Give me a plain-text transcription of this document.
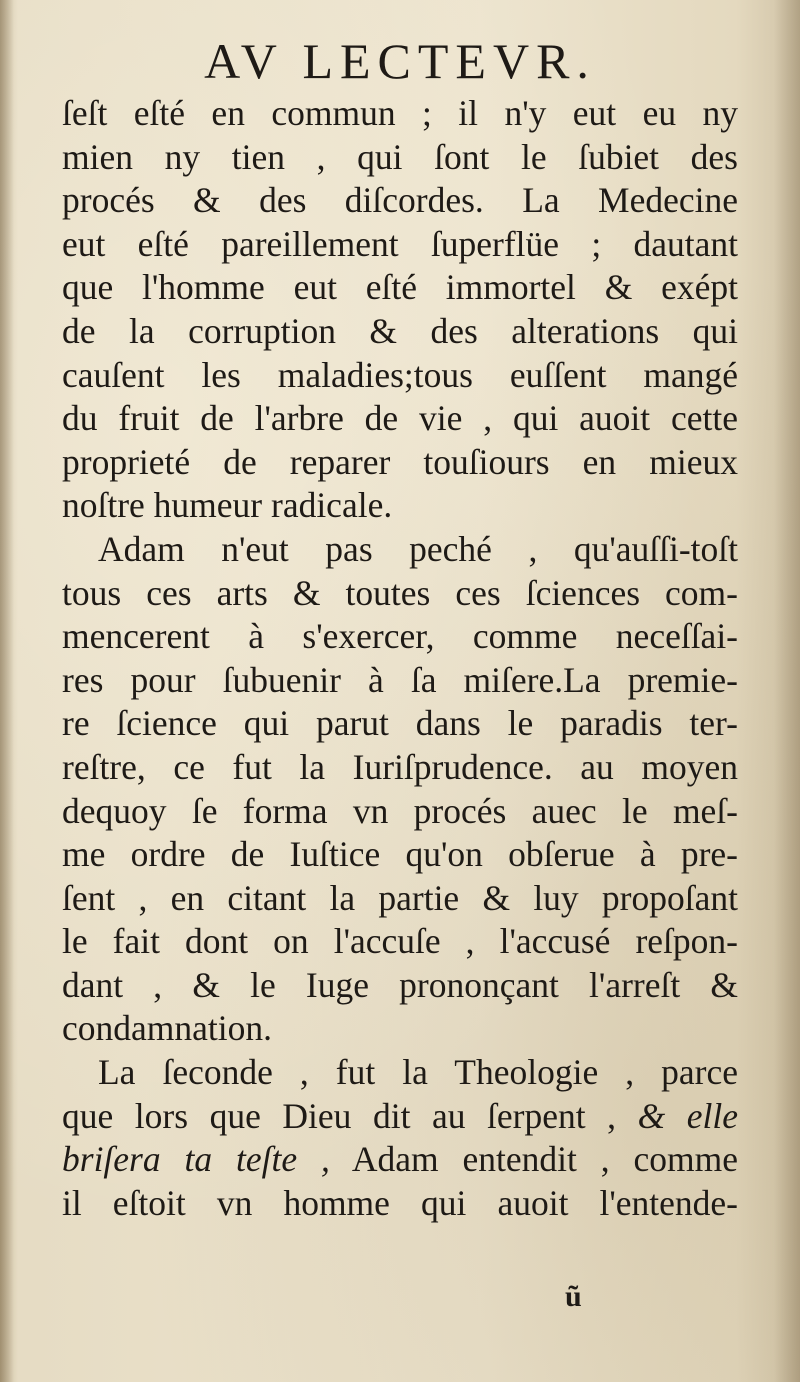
AV LECTEVR.
ſeſt eſté en commun ; il n'y eut eu ny
mien ny tien , qui ſont le ſubiet des
procés & des diſcordes. La Medecine
eut eſté pareillement ſuperflüe ; dautant
que l'homme eut eſté immortel & exépt
de la corruption & des alterations qui
cauſent les maladies;tous euſſent mangé
du fruit de l'arbre de vie , qui auoit cette
proprieté de reparer touſiours en mieux
noſtre humeur radicale.
Adam n'eut pas peché , qu'auſſi-toſt
tous ces arts & toutes ces ſciences com-
mencerent à s'exercer, comme neceſſai-
res pour ſubuenir à ſa miſere.La premie-
re ſcience qui parut dans le paradis ter-
reſtre, ce fut la Iuriſprudence. au moyen
dequoy ſe forma vn procés auec le meſ-
me ordre de Iuſtice qu'on obſerue à pre-
ſent , en citant la partie & luy propoſant
le fait dont on l'accuſe , l'accusé reſpon-
dant , & le Iuge prononçant l'arreſt &
condamnation.
La ſeconde , fut la Theologie , parce
que lors que Dieu dit au ſerpent , & elle
briſera ta teſte , Adam entendit , comme
il eſtoit vn homme qui auoit l'entende-
ũ
